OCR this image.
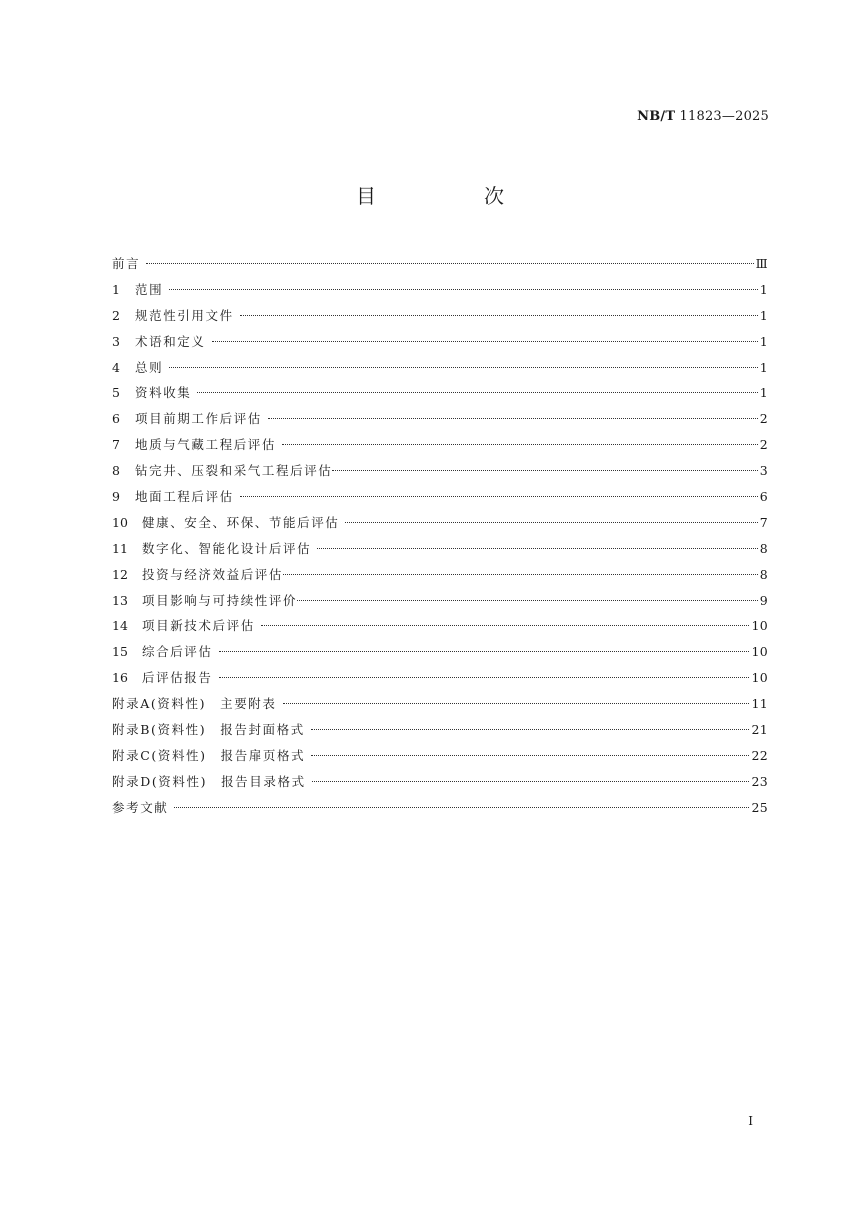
NB/T 11823—2025
目　次
前言	Ⅲ
1	范围	1
2	规范性引用文件	1
3	术语和定义	1
4	总则	1
5	资料收集	1
6	项目前期工作后评估	2
7	地质与气藏工程后评估	2
8	钻完井、压裂和采气工程后评估	3
9	地面工程后评估	6
10	健康、安全、环保、节能后评估	7
11	数字化、智能化设计后评估	8
12	投资与经济效益后评估	8
13	项目影响与可持续性评价	9
14	项目新技术后评估	10
15	综合后评估	10
16	后评估报告	10
附录A(资料性) 主要附表	11
附录B(资料性) 报告封面格式	21
附录C(资料性) 报告扉页格式	22
附录D(资料性) 报告目录格式	23
参考文献	25
Ⅰ
